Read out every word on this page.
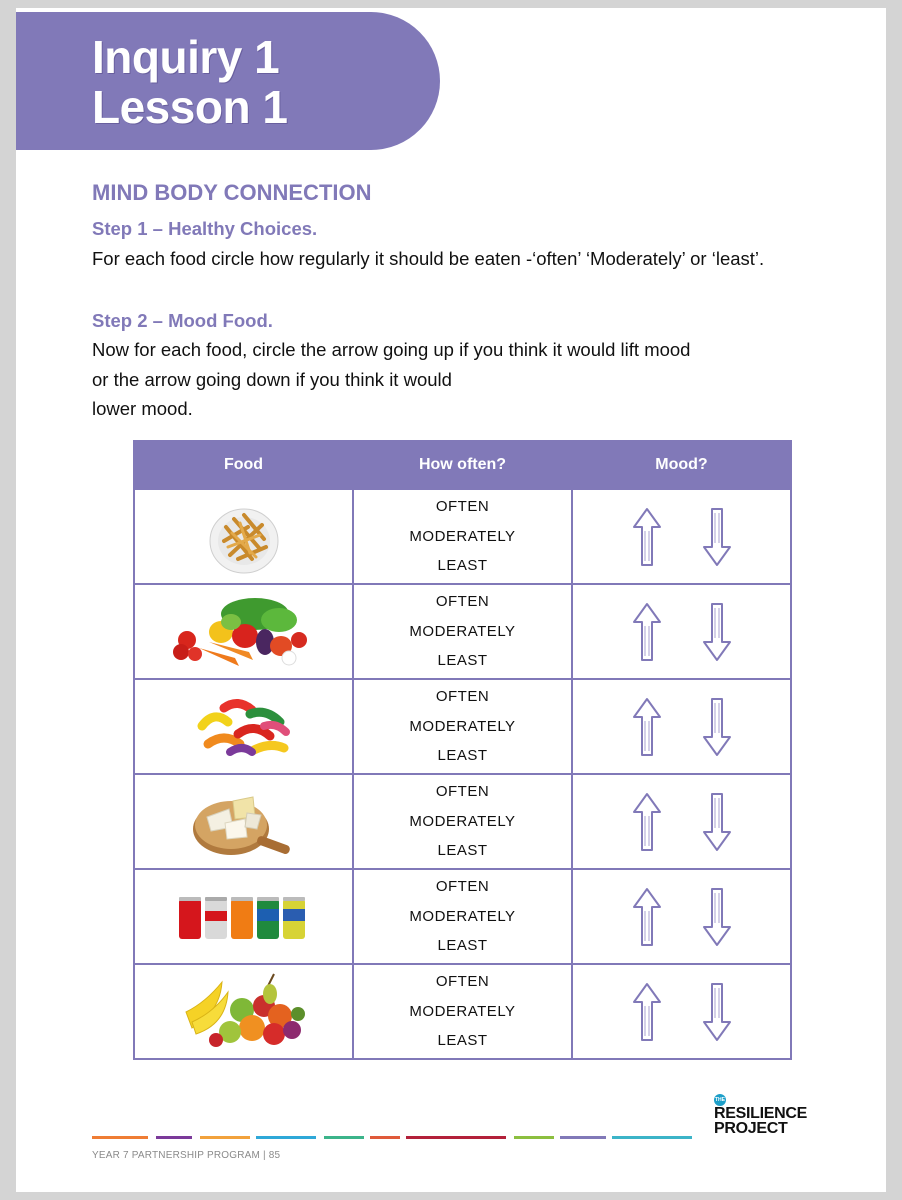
Inquiry 1
Lesson 1
MIND BODY CONNECTION
Step 1 – Healthy Choices.
For each food circle how regularly it should be eaten -‘often’ ‘Moderately’ or ‘least’.
Step 2 – Mood Food.
Now for each food, circle the arrow going up if you think it would lift mood
or the arrow going down if you think it would
lower mood.
Food	How often?	Mood?

OFTEN
MODERATELY
LEAST

OFTEN
MODERATELY
LEAST

OFTEN
MODERATELY
LEAST

OFTEN
MODERATELY
LEAST

OFTEN
MODERATELY
LEAST

OFTEN
MODERATELY
LEAST

YEAR 7 PARTNERSHIP PROGRAM | 85
THE
RESILIENCE
PROJECT
